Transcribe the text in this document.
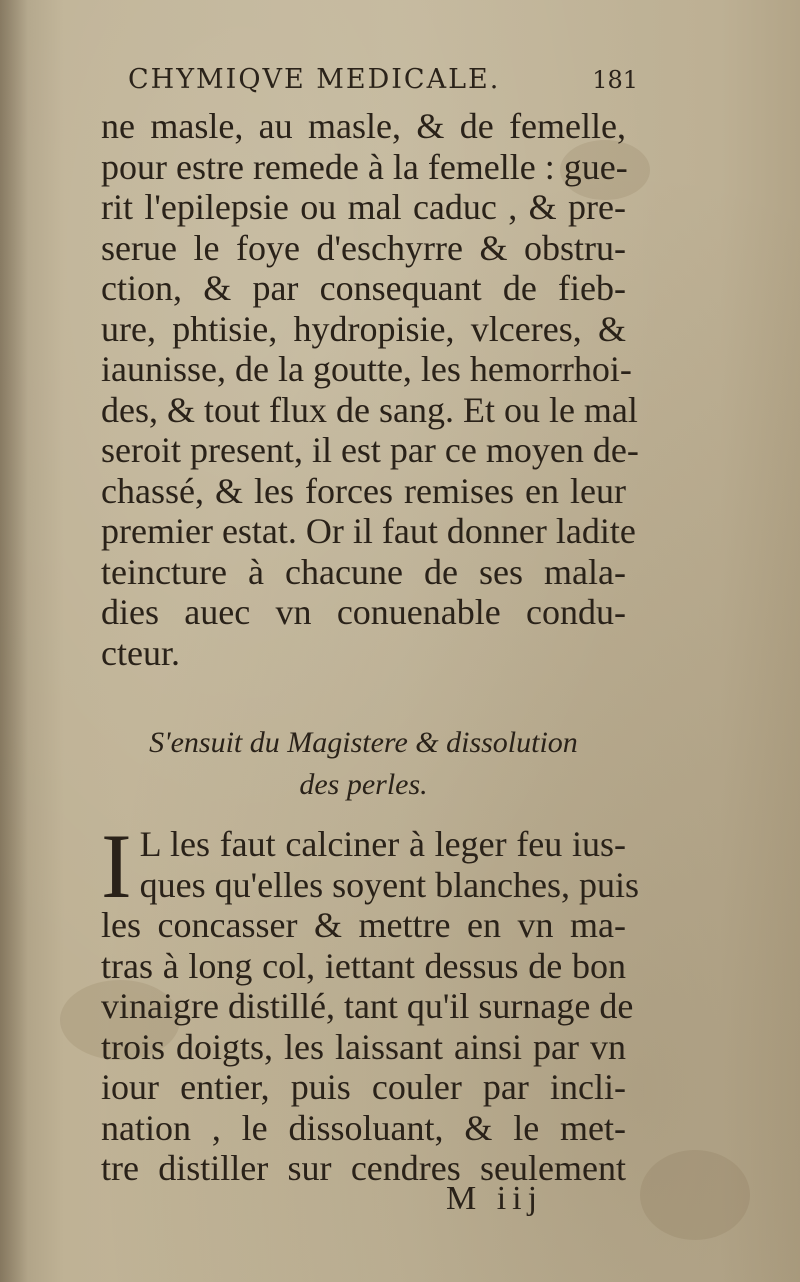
CHYMIQVE MEDICALE.	181
ne masle, au masle, & de femelle,
pour estre remede à la femelle : gue-
rit l'epilepsie ou mal caduc , & pre-
serue le foye d'eschyrre & obstru-
ction, & par consequant de fieb-
ure, phtisie, hydropisie, vlceres, &
iaunisse, de la goutte, les hemorrhoi-
des, & tout flux de sang. Et ou le mal
seroit present, il est par ce moyen de-
chassé, & les forces remises en leur
premier estat. Or il faut donner ladite
teincture à chacune de ses mala-
dies auec vn conuenable condu-
cteur.
S'ensuit du Magistere & dissolution
des perles.
I L les faut calciner à leger feu ius-
ques qu'elles soyent blanches, puis
les concasser & mettre en vn ma-
tras à long col, iettant dessus de bon
vinaigre distillé, tant qu'il surnage de
trois doigts, les laissant ainsi par vn
iour entier, puis couler par incli-
nation , le dissoluant, & le met-
tre distiller sur cendres seulement
M iij
